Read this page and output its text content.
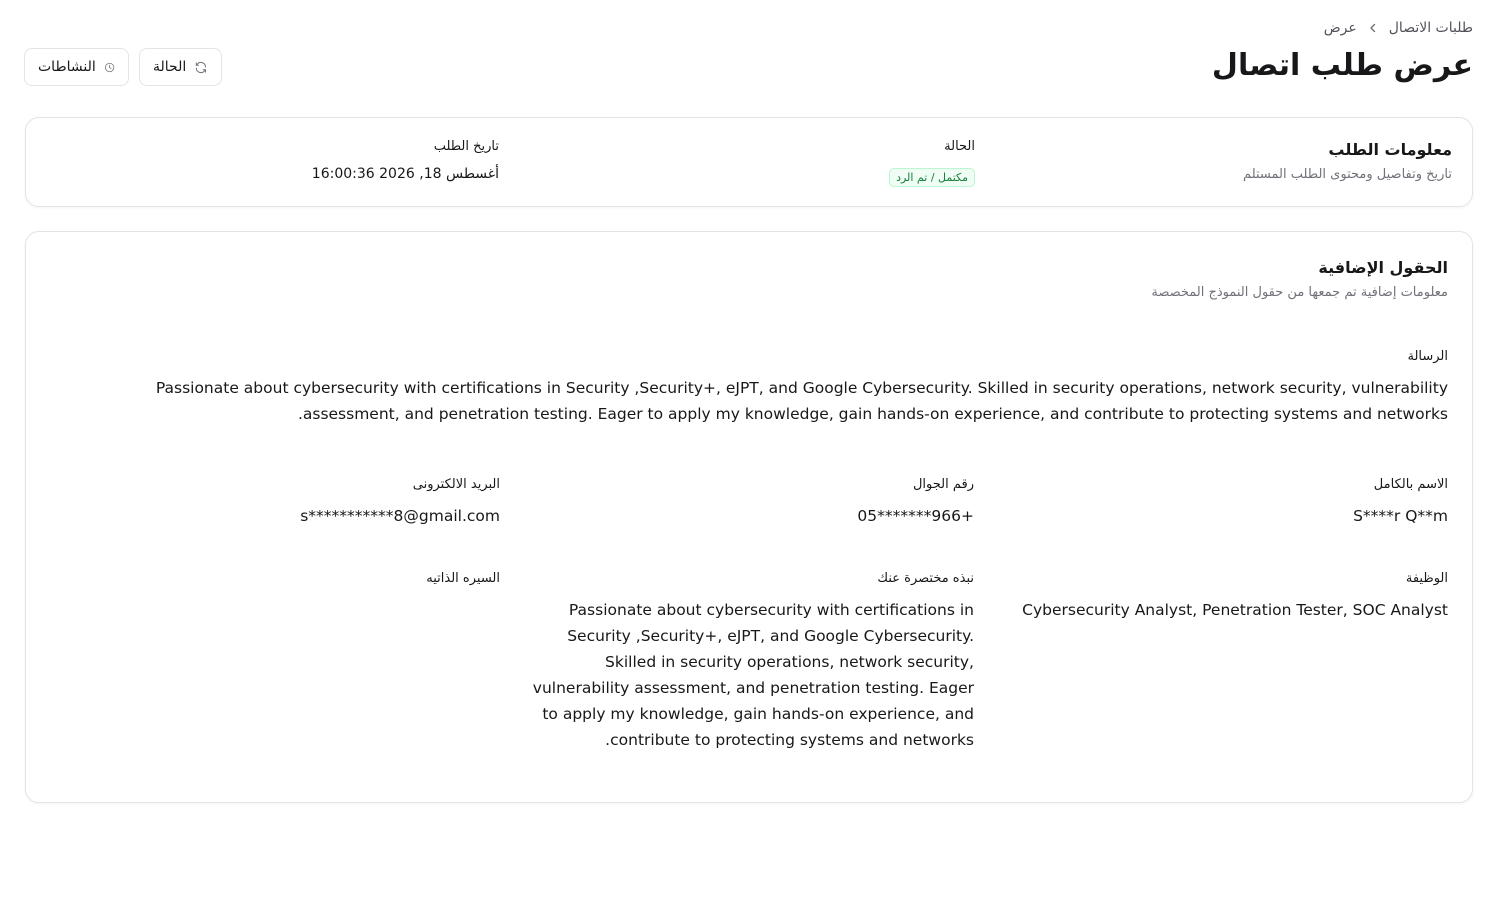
طلبات الاتصال
عرض
عرض طلب اتصال
النشاطات	الحالة
معلومات الطلب
تاريخ وتفاصيل ومحتوى الطلب المستلم
الحالة
مكتمل / تم الرد
تاريخ الطلب
أغسطس 18, 2026 16:00:36
الحقول الإضافية
معلومات إضافية تم جمعها من حقول النموذج المخصصة
الرسالة
Passionate about cybersecurity with certifications in Security ,Security+, eJPT, and Google Cybersecurity. Skilled in security operations, network security, vulnerability assessment, and penetration testing. Eager to apply my knowledge, gain hands-on experience, and contribute to protecting systems and networks.
الاسم بالكامل
S****r Q**m
رقم الجوال
+966*******05
البريد الالكترونى
s***********8@gmail.com
الوظيفة
Cybersecurity Analyst, Penetration Tester, SOC Analyst
نبذه مختصرة عنك
Passionate about cybersecurity with certifications in Security ,Security+, eJPT, and Google Cybersecurity. Skilled in security operations, network security, vulnerability assessment, and penetration testing. Eager to apply my knowledge, gain hands-on experience, and contribute to protecting systems and networks.
السيره الذاتيه
